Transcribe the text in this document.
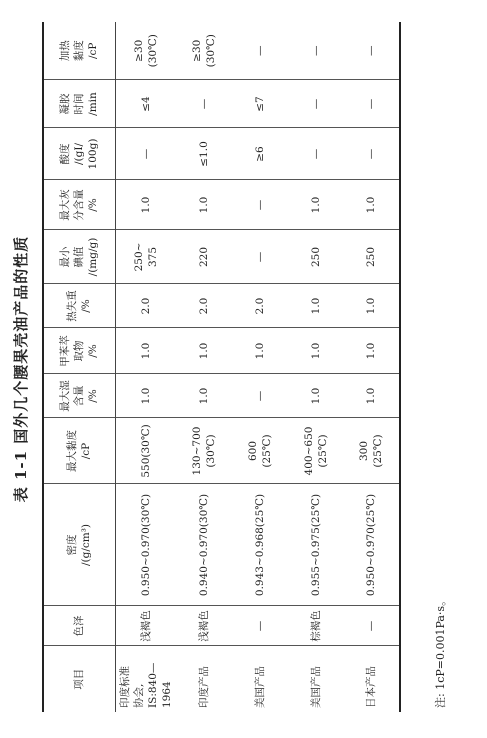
表 1-1 国外几个腰果壳油产品的性质
项目	色泽	密度
/(g/cm³)	最大黏度
/cP	最大湿
含量
/%	甲苯萃
取物
/%	热失重
/%	最小
碘值
/(mg/g)	最大灰
分含量
/%	酸度
/(gI/
100g)	凝胶
时间
/min	加热
黏度
/cP
印度标准
协会,
IS:840—1964	浅褐色	0.950~0.970(30℃)	550(30℃)	1.0	1.0	2.0	250~
375	1.0	—	≤4	≥30
(30℃)
印度产品	浅褐色	0.940~0.970(30℃)	130~700
(30℃)	1.0	1.0	2.0	220	1.0	≤1.0	—	≥30
(30℃)
美国产品	—	0.943~0.968(25℃)	600
(25℃)	—	1.0	2.0	—	—	≥6	≤7	—
美国产品	棕褐色	0.955~0.975(25℃)	400~650
(25℃)	1.0	1.0	1.0	250	1.0	—	—	—
日本产品	—	0.950~0.970(25℃)	300
(25℃)	1.0	1.0	1.0	250	1.0	—	—	—
注: 1cP=0.001Pa·s。
